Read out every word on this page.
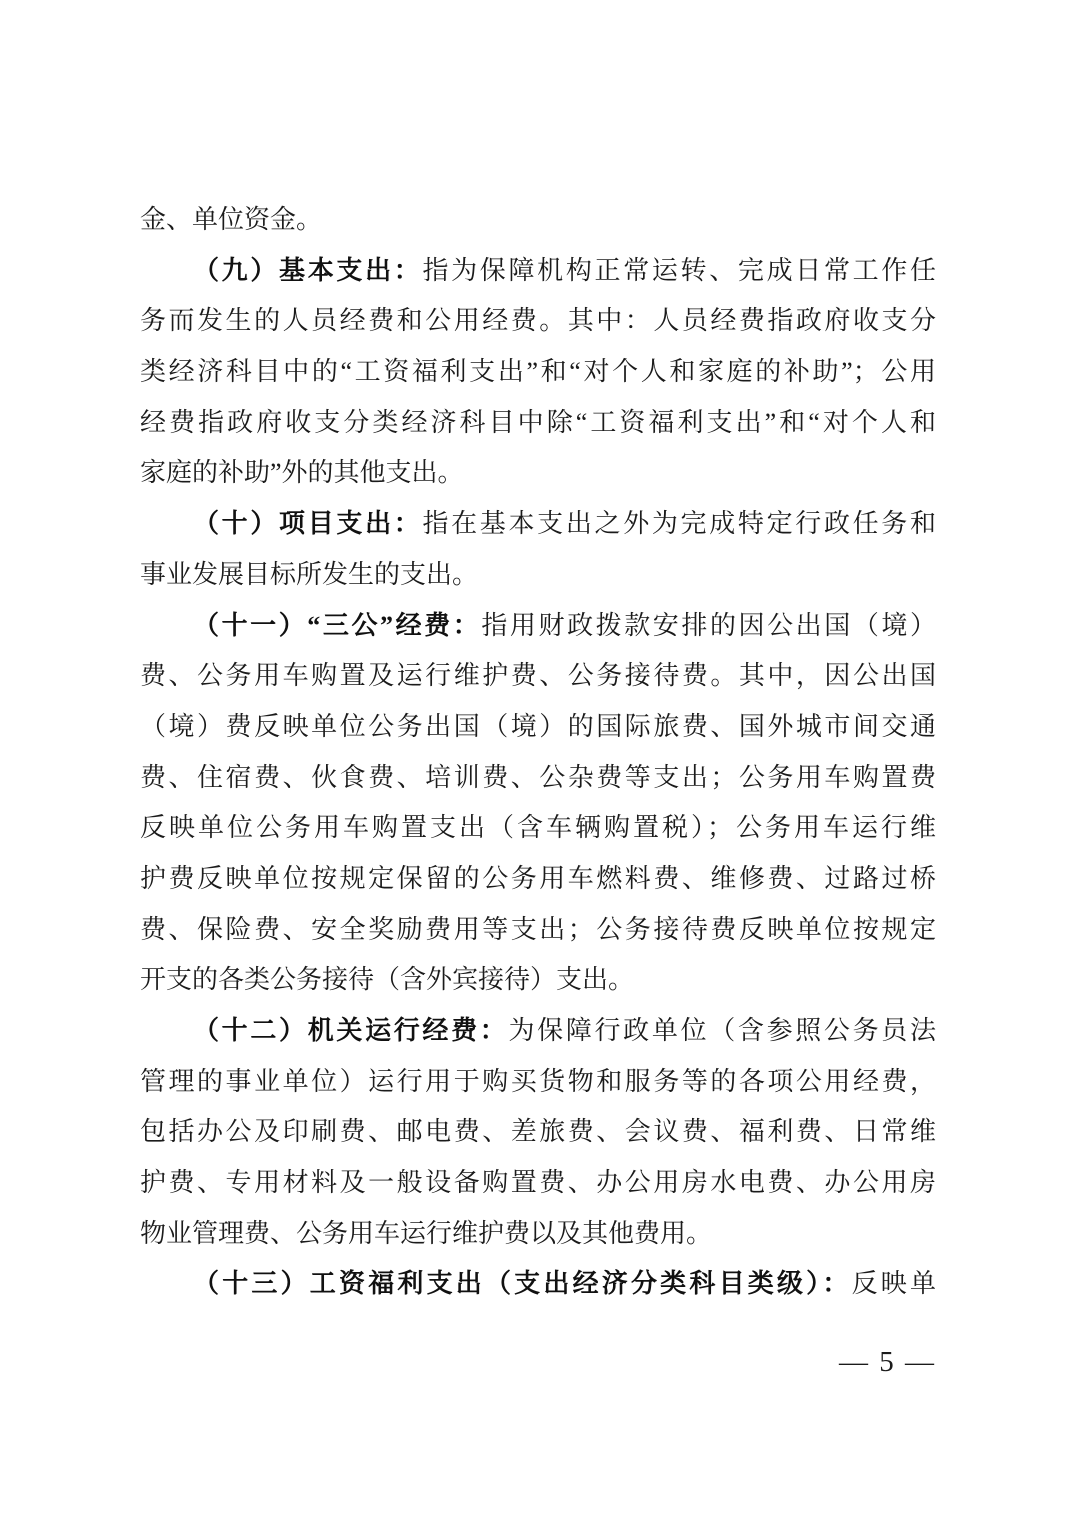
金、单位资金。
（九）基本支出：指为保障机构正常运转、完成日常工作任
务而发生的人员经费和公用经费。其中：人员经费指政府收支分
类经济科目中的“工资福利支出”和“对个人和家庭的补助”；公用
经费指政府收支分类经济科目中除“工资福利支出”和“对个人和
家庭的补助”外的其他支出。
（十）项目支出：指在基本支出之外为完成特定行政任务和
事业发展目标所发生的支出。
（十一）“三公”经费：指用财政拨款安排的因公出国（境）
费、公务用车购置及运行维护费、公务接待费。其中，因公出国
（境）费反映单位公务出国（境）的国际旅费、国外城市间交通
费、住宿费、伙食费、培训费、公杂费等支出；公务用车购置费
反映单位公务用车购置支出（含车辆购置税）；公务用车运行维
护费反映单位按规定保留的公务用车燃料费、维修费、过路过桥
费、保险费、安全奖励费用等支出；公务接待费反映单位按规定
开支的各类公务接待（含外宾接待）支出。
（十二）机关运行经费：为保障行政单位（含参照公务员法
管理的事业单位）运行用于购买货物和服务等的各项公用经费，
包括办公及印刷费、邮电费、差旅费、会议费、福利费、日常维
护费、专用材料及一般设备购置费、办公用房水电费、办公用房
物业管理费、公务用车运行维护费以及其他费用。
（十三）工资福利支出（支出经济分类科目类级）：反映单
— 5 —
